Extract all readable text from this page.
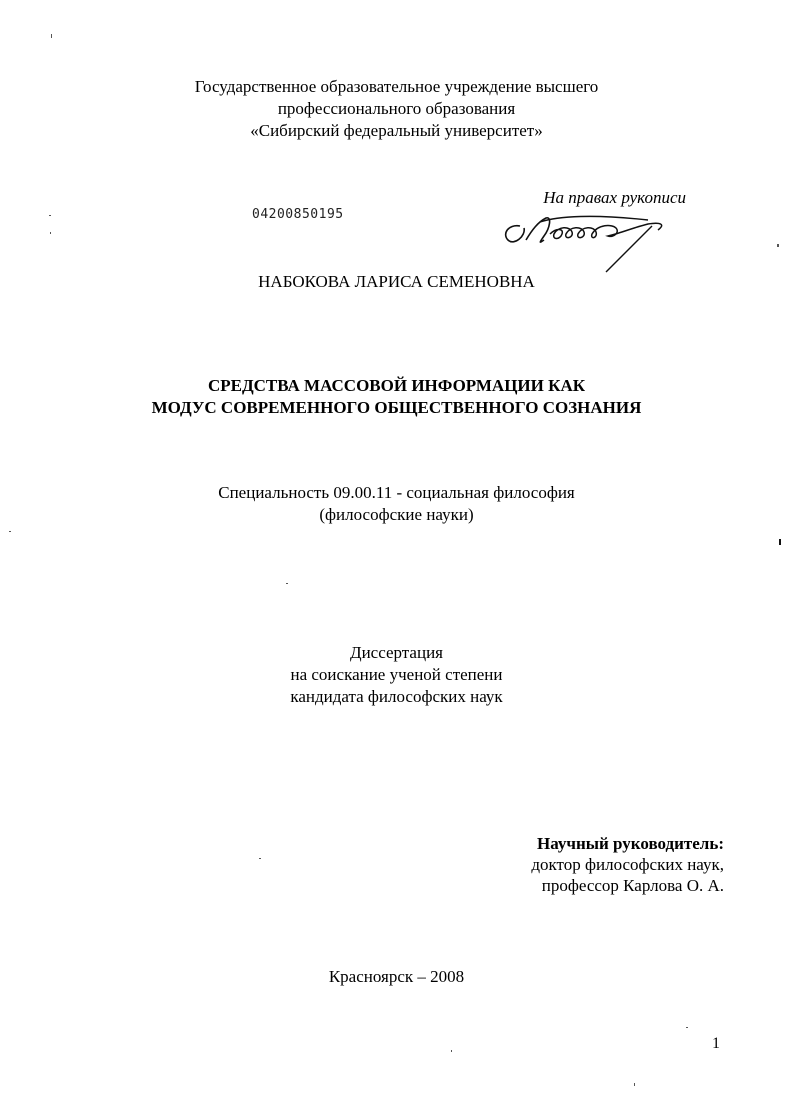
Государственное образовательное учреждение высшего
профессионального образования
«Сибирский федеральный университет»
На правах рукописи
04200850195
НАБОКОВА ЛАРИСА СЕМЕНОВНА
СРЕДСТВА МАССОВОЙ ИНФОРМАЦИИ КАК
МОДУС СОВРЕМЕННОГО ОБЩЕСТВЕННОГО СОЗНАНИЯ
Специальность 09.00.11 - социальная философия
(философские науки)
Диссертация
на соискание ученой степени
кандидата философских наук
Научный руководитель:
доктор философских наук,
профессор Карлова О. А.
Красноярск – 2008
1
